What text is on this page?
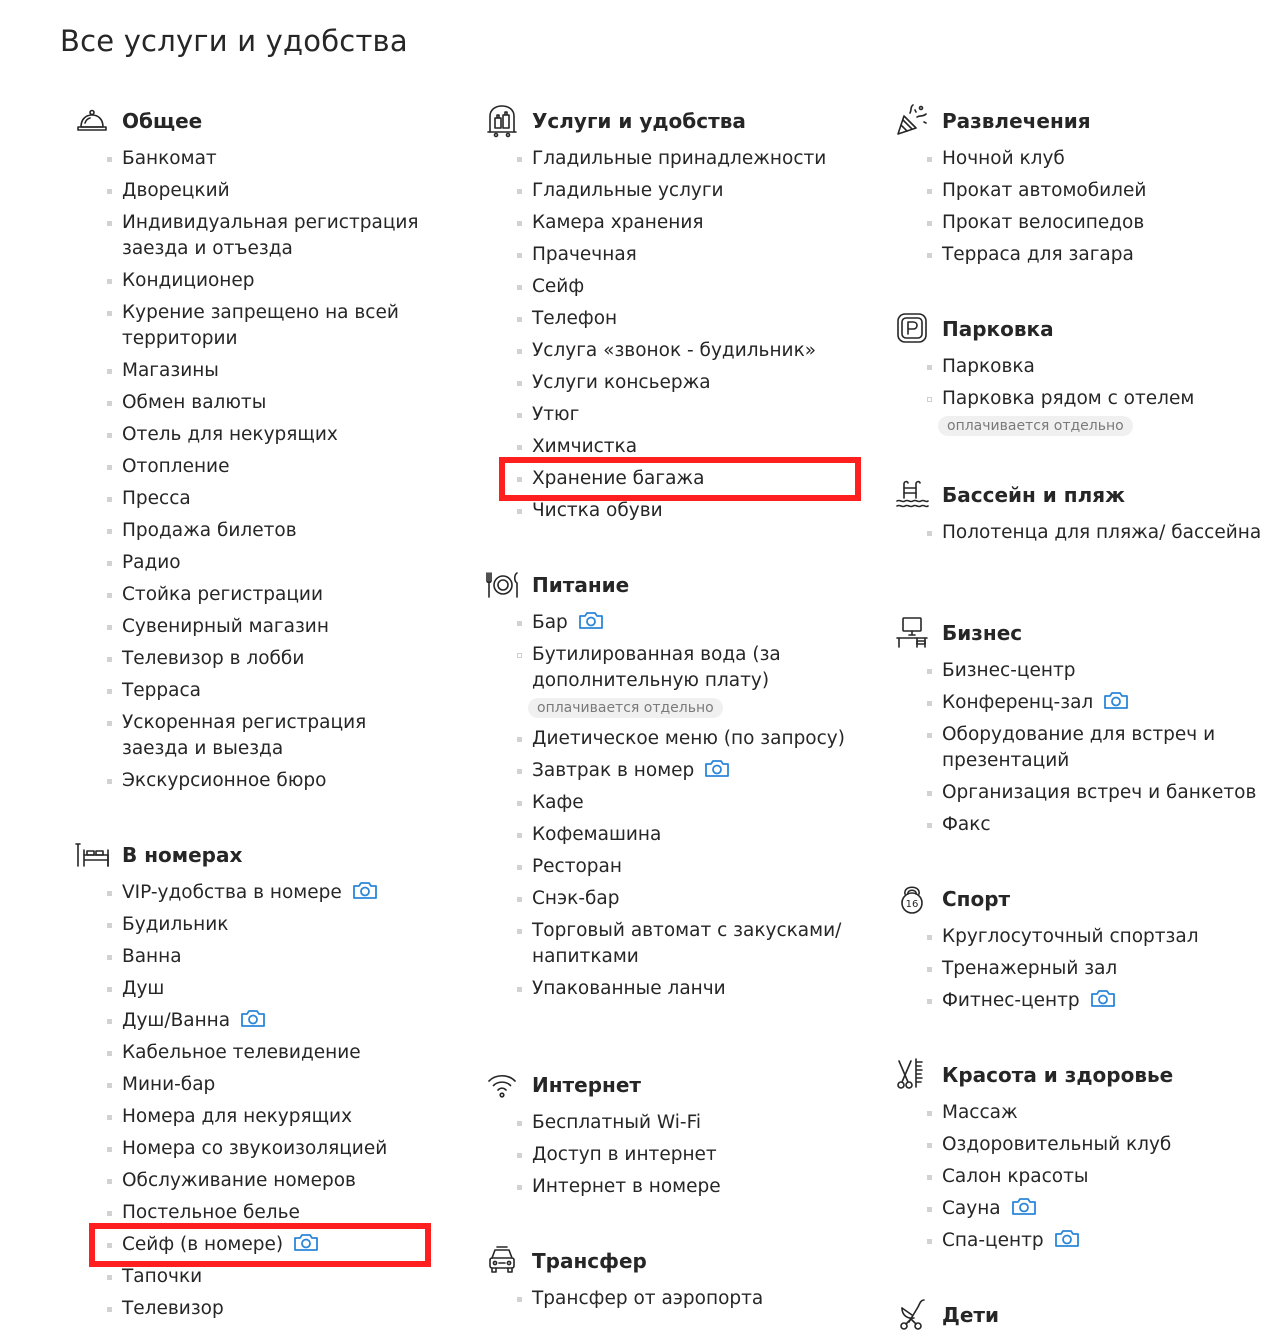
Все услуги и удобства
Общее
Банкомат
Дворецкий
Индивидуальная регистрация заезда и отъезда
Кондиционер
Курение запрещено на всей территории
Магазины
Обмен валюты
Отель для некурящих
Отопление
Пресса
Продажа билетов
Радио
Стойка регистрации
Сувенирный магазин
Телевизор в лобби
Терраса
Ускоренная регистрация заезда и выезда
Экскурсионное бюро
В номерах
VIP-удобства в номере
Будильник
Ванна
Душ
Душ/Ванна
Кабельное телевидение
Мини-бар
Номера для некурящих
Номера со звукоизоляцией
Обслуживание номеров
Постельное белье
Сейф (в номере)
Тапочки
Телевизор
Услуги и удобства
Гладильные принадлежности
Гладильные услуги
Камера хранения
Прачечная
Сейф
Телефон
Услуга «звонок - будильник»
Услуги консьержа
Утюг
Химчистка
Хранение багажа
Чистка обуви
Питание
Бар
Бутилированная вода (за дополнительную плату)
оплачивается отдельно
Диетическое меню (по запросу)
Завтрак в номер
Кафе
Кофемашина
Ресторан
Снэк-бар
Торговый автомат с закусками/ напитками
Упакованные ланчи
Интернет
Бесплатный Wi-Fi
Доступ в интернет
Интернет в номере
Трансфер
Трансфер от аэропорта
Развлечения
Ночной клуб
Прокат автомобилей
Прокат велосипедов
Терраса для загара
Парковка
Парковка
Парковка рядом с отелем
оплачивается отдельно
Бассейн и пляж
Полотенца для пляжа/ бассейна
Бизнес
Бизнес-центр
Конференц-зал
Оборудование для встреч и презентаций
Организация встреч и банкетов
Факс
16 Спорт
Круглосуточный спортзал
Тренажерный зал
Фитнес-центр
Красота и здоровье
Массаж
Оздоровительный клуб
Салон красоты
Сауна
Спа-центр
Дети
